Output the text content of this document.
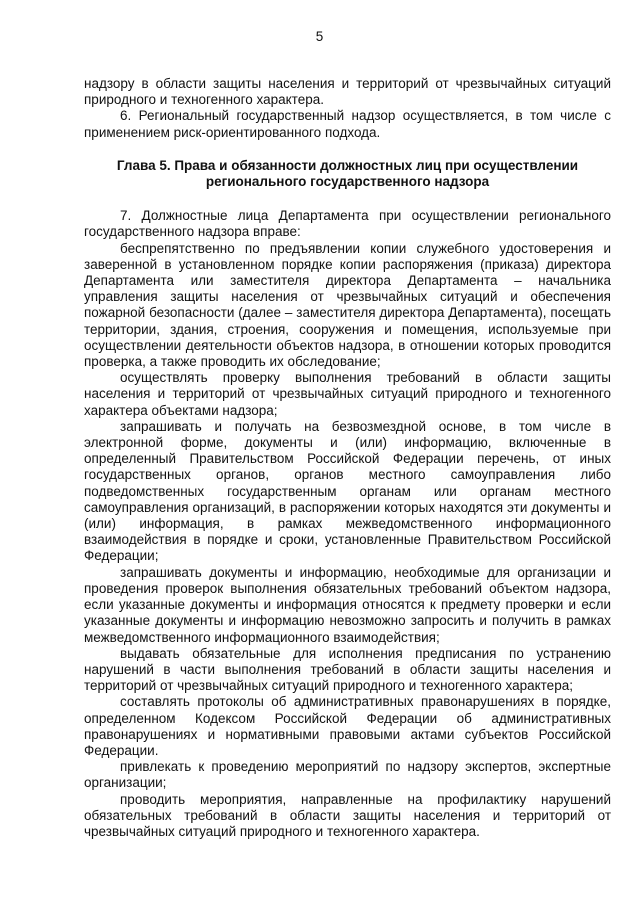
5

надзору в области защиты населения и территорий от чрезвычайных ситуаций природного и техногенного характера.

6. Региональный государственный надзор осуществляется, в том числе с применением риск-ориентированного подхода.

Глава 5. Права и обязанности должностных лиц при осуществлении
регионального государственного надзора

7. Должностные лица Департамента при осуществлении регионального государственного надзора вправе:

беспрепятственно по предъявлении копии служебного удостоверения и заверенной в установленном порядке копии распоряжения (приказа) директора Департамента или заместителя директора Департамента – начальника управления защиты населения от чрезвычайных ситуаций и обеспечения пожарной безопасности (далее – заместителя директора Департамента), посещать территории, здания, строения, сооружения и помещения, используемые при осуществлении деятельности объектов надзора, в отношении которых проводится проверка, а также проводить их обследование;

осуществлять проверку выполнения требований в области защиты населения и территорий от чрезвычайных ситуаций природного и техногенного характера объектами надзора;

запрашивать и получать на безвозмездной основе, в том числе в электронной форме, документы и (или) информацию, включенные в определенный Правительством Российской Федерации перечень, от иных государственных органов, органов местного самоуправления либо подведомственных государственным органам или органам местного самоуправления организаций, в распоряжении которых находятся эти документы и (или) информация, в рамках межведомственного информационного взаимодействия в порядке и сроки, установленные Правительством Российской Федерации;

запрашивать документы и информацию, необходимые для организации и проведения проверок выполнения обязательных требований объектом надзора, если указанные документы и информация относятся к предмету проверки и если указанные документы и информацию невозможно запросить и получить в рамках межведомственного информационного взаимодействия;

выдавать обязательные для исполнения предписания по устранению нарушений в части выполнения требований в области защиты населения и территорий от чрезвычайных ситуаций природного и техногенного характера;

составлять протоколы об административных правонарушениях в порядке, определенном Кодексом Российской Федерации об административных правонарушениях и нормативными правовыми актами субъектов Российской Федерации.

привлекать к проведению мероприятий по надзору экспертов, экспертные организации;

проводить мероприятия, направленные на профилактику нарушений обязательных требований в области защиты населения и территорий от чрезвычайных ситуаций природного и техногенного характера.
